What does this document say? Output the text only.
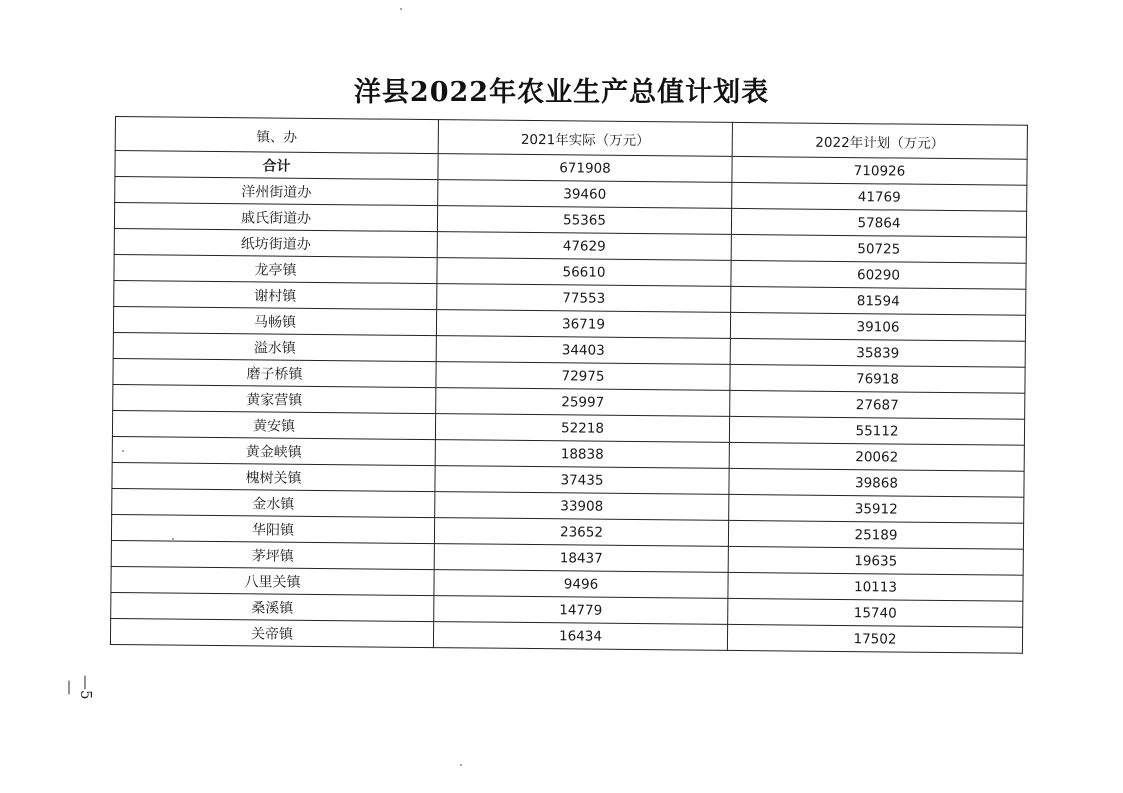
洋县2022年农业生产总值计划表
镇、办	2021年实际（万元）	2022年计划（万元）
合计	671908	710926
洋州街道办	39460	41769
戚氏街道办	55365	57864
纸坊街道办	47629	50725
龙亭镇	56610	60290
谢村镇	77553	81594
马畅镇	36719	39106
溢水镇	34403	35839
磨子桥镇	72975	76918
黄家营镇	25997	27687
黄安镇	52218	55112
黄金峡镇	18838	20062
槐树关镇	37435	39868
金水镇	33908	35912
华阳镇	23652	25189
茅坪镇	18437	19635
八里关镇	9496	10113
桑溪镇	14779	15740
关帝镇	16434	17502
—5—
